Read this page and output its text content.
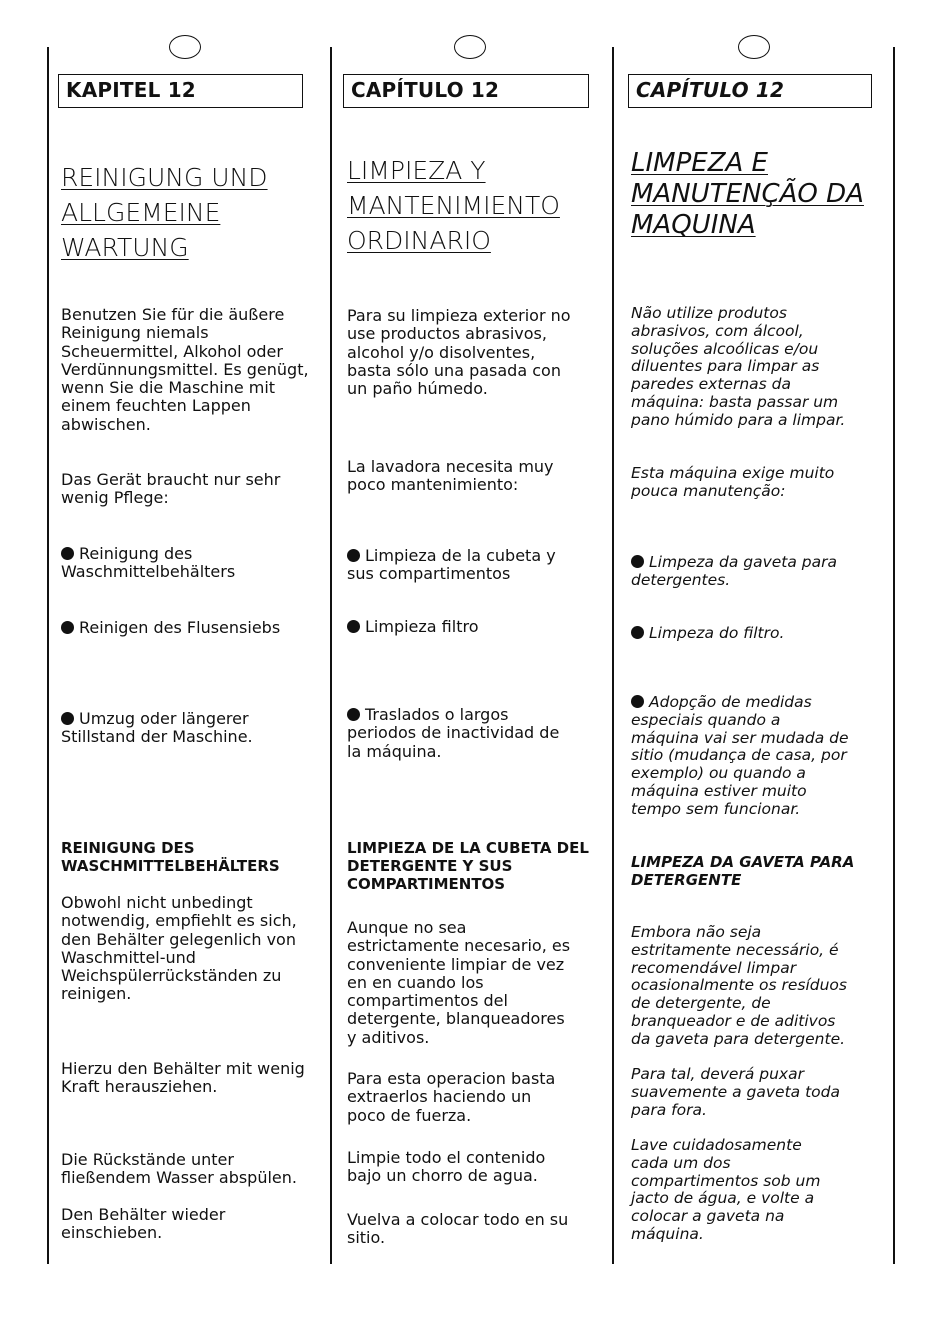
KAPITEL 12
REINIGUNG UND
ALLGEMEINE
WARTUNG

Benutzen Sie für die äußere
Reinigung niemals
Scheuermittel, Alkohol oder
Verdünnungsmittel. Es genügt,
wenn Sie die Maschine mit
einem feuchten Lappen
abwischen.

Das Gerät braucht nur sehr
wenig Pflege:

Reinigung des
Waschmittelbehälters

Reinigen des Flusensiebs

Umzug oder längerer
Stillstand der Maschine.

REINIGUNG DES
WASCHMITTELBEHÄLTERS

Obwohl nicht unbedingt
notwendig, empfiehlt es sich,
den Behälter gelegenlich von
Waschmittel-und
Weichspülerrückständen zu
reinigen.

Hierzu den Behälter mit wenig
Kraft herausziehen.

Die Rückstände unter
fließendem Wasser abspülen.

Den Behälter wieder
einschieben.

CAPÍTULO 12
LIMPIEZA Y
MANTENIMIENTO
ORDINARIO

Para su limpieza exterior no
use productos abrasivos,
alcohol y/o disolventes,
basta sólo una pasada con
un paño húmedo.

La lavadora necesita muy
poco mantenimiento:

Limpieza de la cubeta y
sus compartimentos

Limpieza filtro

Traslados o largos
periodos de inactividad de
la máquina.

LIMPIEZA DE LA CUBETA DEL
DETERGENTE Y SUS
COMPARTIMENTOS

Aunque no sea
estrictamente necesario, es
conveniente limpiar de vez
en en cuando los
compartimentos del
detergente, blanqueadores
y aditivos.

Para esta operacion basta
extraerlos haciendo un
poco de fuerza.

Limpie todo el contenido
bajo un chorro de agua.

Vuelva a colocar todo en su
sitio.

CAPÍTULO 12
LIMPEZA E
MANUTENÇÃO DA
MAQUINA

Não utilize produtos
abrasivos, com álcool,
soluções alcoólicas e/ou
diluentes para limpar as
paredes externas da
máquina: basta passar um
pano húmido para a limpar.

Esta máquina exige muito
pouca manutenção:

Limpeza da gaveta para
detergentes.

Limpeza do filtro.

Adopção de medidas
especiais quando a
máquina vai ser mudada de
sitio (mudança de casa, por
exemplo) ou quando a
máquina estiver muito
tempo sem funcionar.

LIMPEZA DA GAVETA PARA
DETERGENTE

Embora não seja
estritamente necessário, é
recomendável limpar
ocasionalmente os resíduos
de detergente, de
branqueador e de aditivos
da gaveta para detergente.

Para tal, deverá puxar
suavemente a gaveta toda
para fora.

Lave cuidadosamente
cada um dos
compartimentos sob um
jacto de água, e volte a
colocar a gaveta na
máquina.
